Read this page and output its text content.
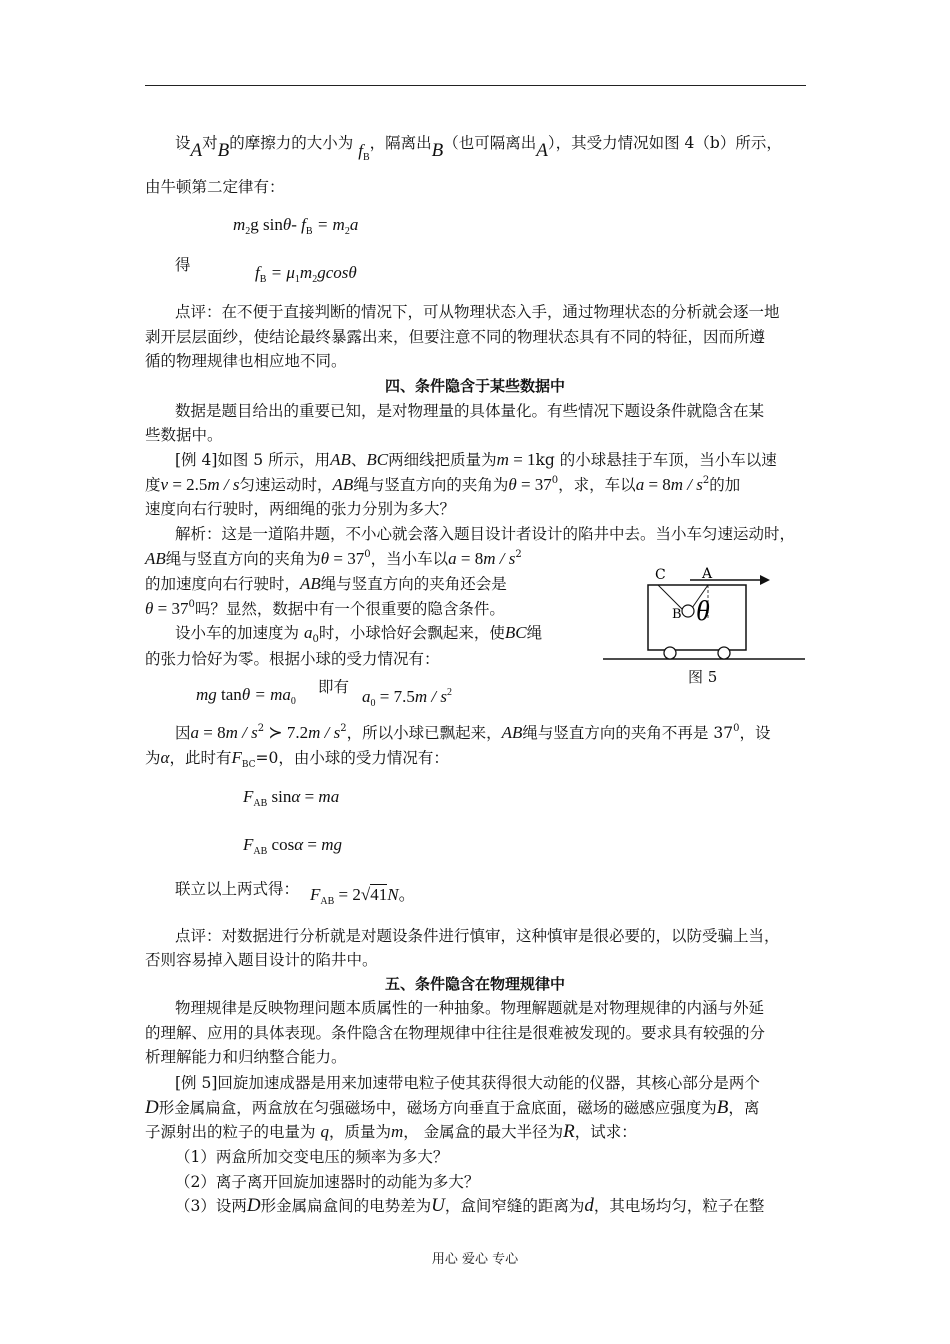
设A对B的摩擦力的大小为 $f_B$，隔离出B（也可隔离出A），其受力情况如图 4（b）所示，
由牛顿第二定律有：
$m_2g$ sinθ- $f_B = m_2a$
得	$f_B = \mu_1m_2gcos\theta$
点评：在不便于直接判断的情况下，可从物理状态入手，通过物理状态的分析就会逐一地
剥开层层面纱，使结论最终暴露出来，但要注意不同的物理状态具有不同的特征，因而所遵
循的物理规律也相应地不同。
四、条件隐含于某些数据中
数据是题目给出的重要已知，是对物理量的具体量化。有些情况下题设条件就隐含在某
些数据中。
[例 4]如图 5 所示，用AB、BC两细线把质量为m = 1kg 的小球悬挂于车顶，当小车以速
度v = 2.5m / s匀速运动时，AB绳与竖直方向的夹角为$\theta = 37^0$，求，车以$a = 8m / s^2$的加
速度向右行驶时，两细绳的张力分别为多大？
解析：这是一道陷井题，不小心就会落入题目设计者设计的陷井中去。当小车匀速运动时，
AB绳与竖直方向的夹角为$\theta = 37^0$，当小车以$a = 8m / s^2$
的加速度向右行驶时，AB绳与竖直方向的夹角还会是
$\theta = 37^0$吗？显然，数据中有一个很重要的隐含条件。
设小车的加速度为 $a_0$时，小球恰好会飘起来，使BC绳
的张力恰好为零。根据小球的受力情况有：
mg $\tan\theta = ma_0$
即有 $a_0 = 7.5m / s^2$
因$a = 8m / s^2$ ≻ $7.2m / s^2$，所以小球已飘起来，AB绳与竖直方向的夹角不再是 $37^0$，设
为α，此时有$F_{BC}=0$，由小球的受力情况有：
$F_{AB}$ sinα = ma
$F_{AB}$ cosα = mg
联立以上两式得： $F_{AB} = 2√41N$。
点评：对数据进行分析就是对题设条件进行慎审，这种慎审是很必要的，以防受骗上当，
否则容易掉入题目设计的陷井中。
五、条件隐含在物理规律中
物理规律是反映物理问题本质属性的一种抽象。物理解题就是对物理规律的内涵与外延
的理解、应用的具体表现。条件隐含在物理规律中往往是很难被发现的。要求具有较强的分
析理解能力和归纳整合能力。
[例 5]回旋加速成器是用来加速带电粒子使其获得很大动能的仪器，其核心部分是两个
D形金属扁盒，两盒放在匀强磁场中，磁场方向垂直于盒底面，磁场的磁感应强度为B，离
子源射出的粒子的电量为 q，质量为m， 金属盒的最大半径为R，试求：
（1）两盒所加交变电压的频率为多大？
（2）离子离开回旋加速器时的动能为多大？
（3）设两D形金属扁盒间的电势差为U，盒间窄缝的距离为d，其电场均匀，粒子在整
C	A
B θ
图 5
用心 爱心 专心
